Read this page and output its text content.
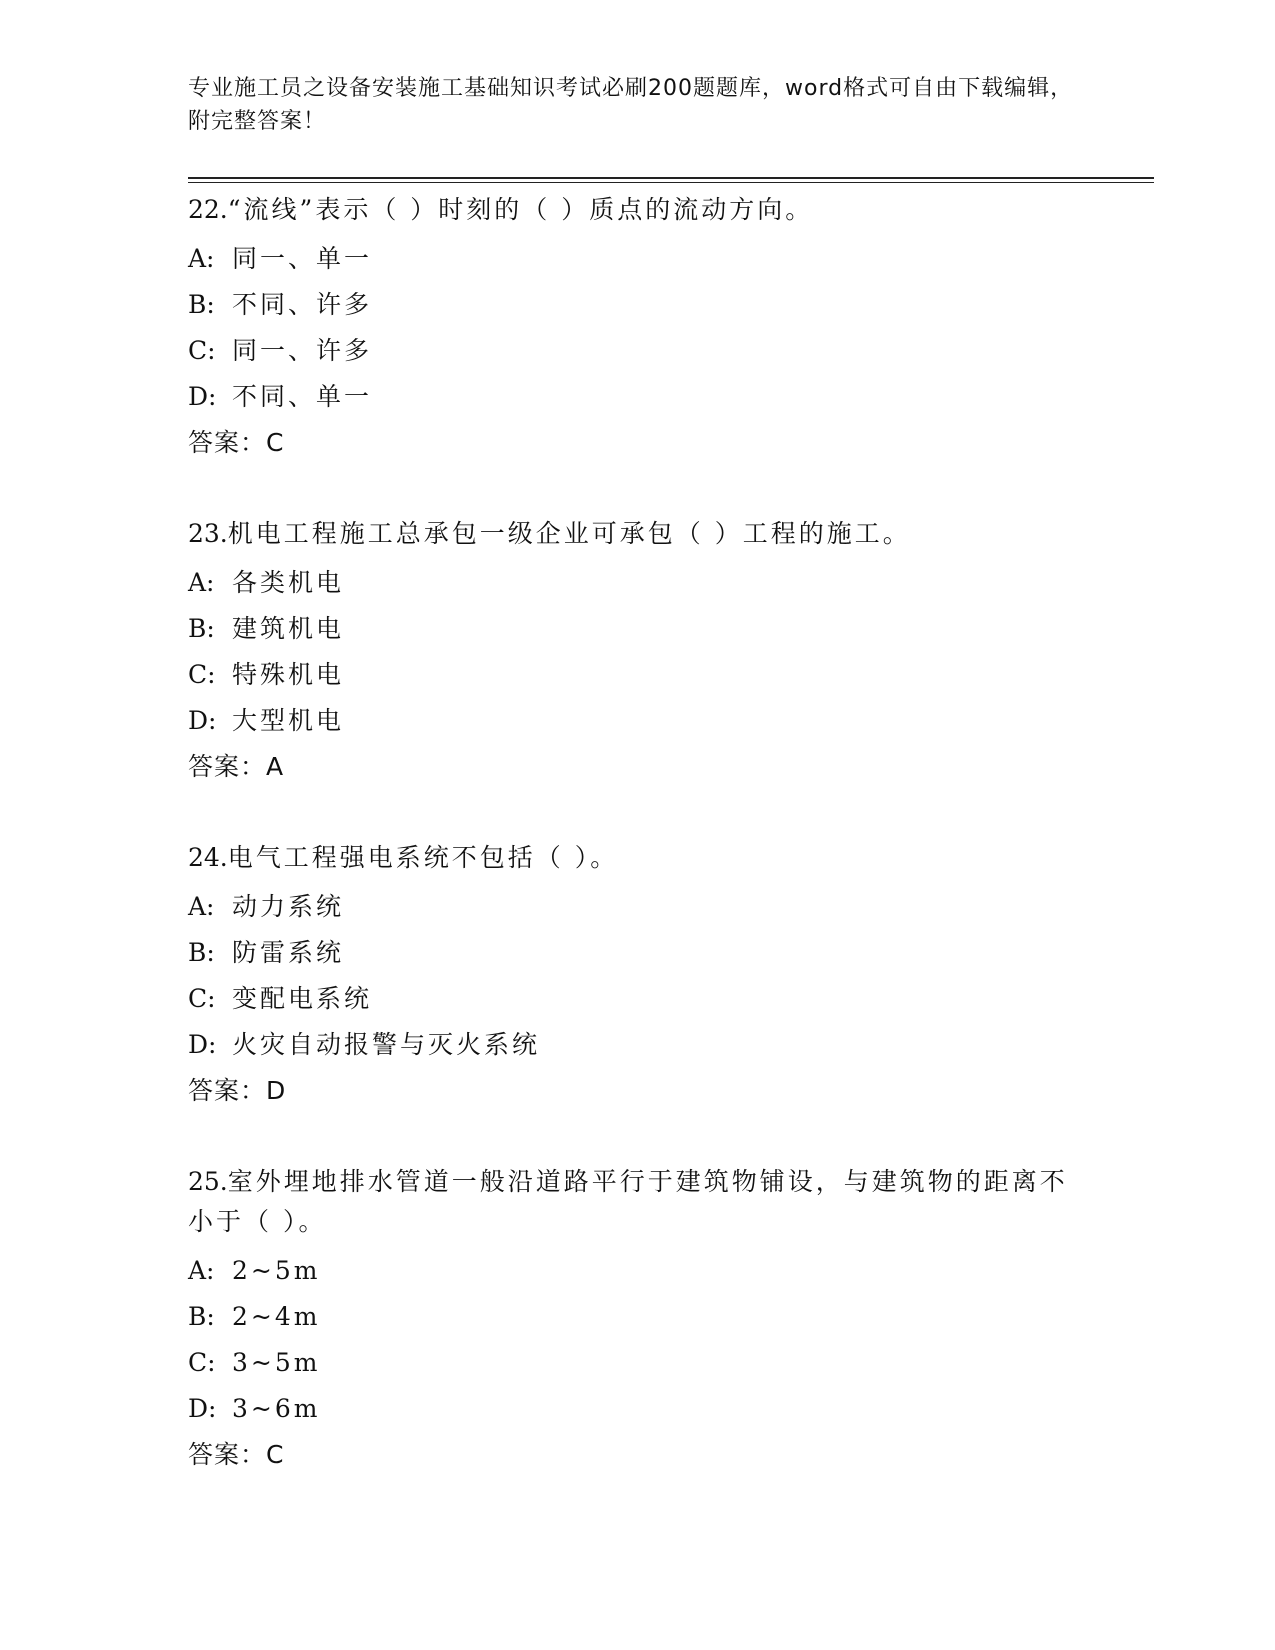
专业施工员之设备安装施工基础知识考试必刷200题题库，word格式可自由下载编辑，附完整答案！
22.“流线”表示（ ）时刻的（ ）质点的流动方向。
A: 同一、单一
B: 不同、许多
C: 同一、许多
D: 不同、单一
答案：C
23.机电工程施工总承包一级企业可承包（ ）工程的施工。
A: 各类机电
B: 建筑机电
C: 特殊机电
D: 大型机电
答案：A
24.电气工程强电系统不包括（ ）。
A: 动力系统
B: 防雷系统
C: 变配电系统
D: 火灾自动报警与灭火系统
答案：D
25.室外埋地排水管道一般沿道路平行于建筑物铺设，与建筑物的距离不小于（ ）。
A: 2~5m
B: 2~4m
C: 3~5m
D: 3~6m
答案：C
